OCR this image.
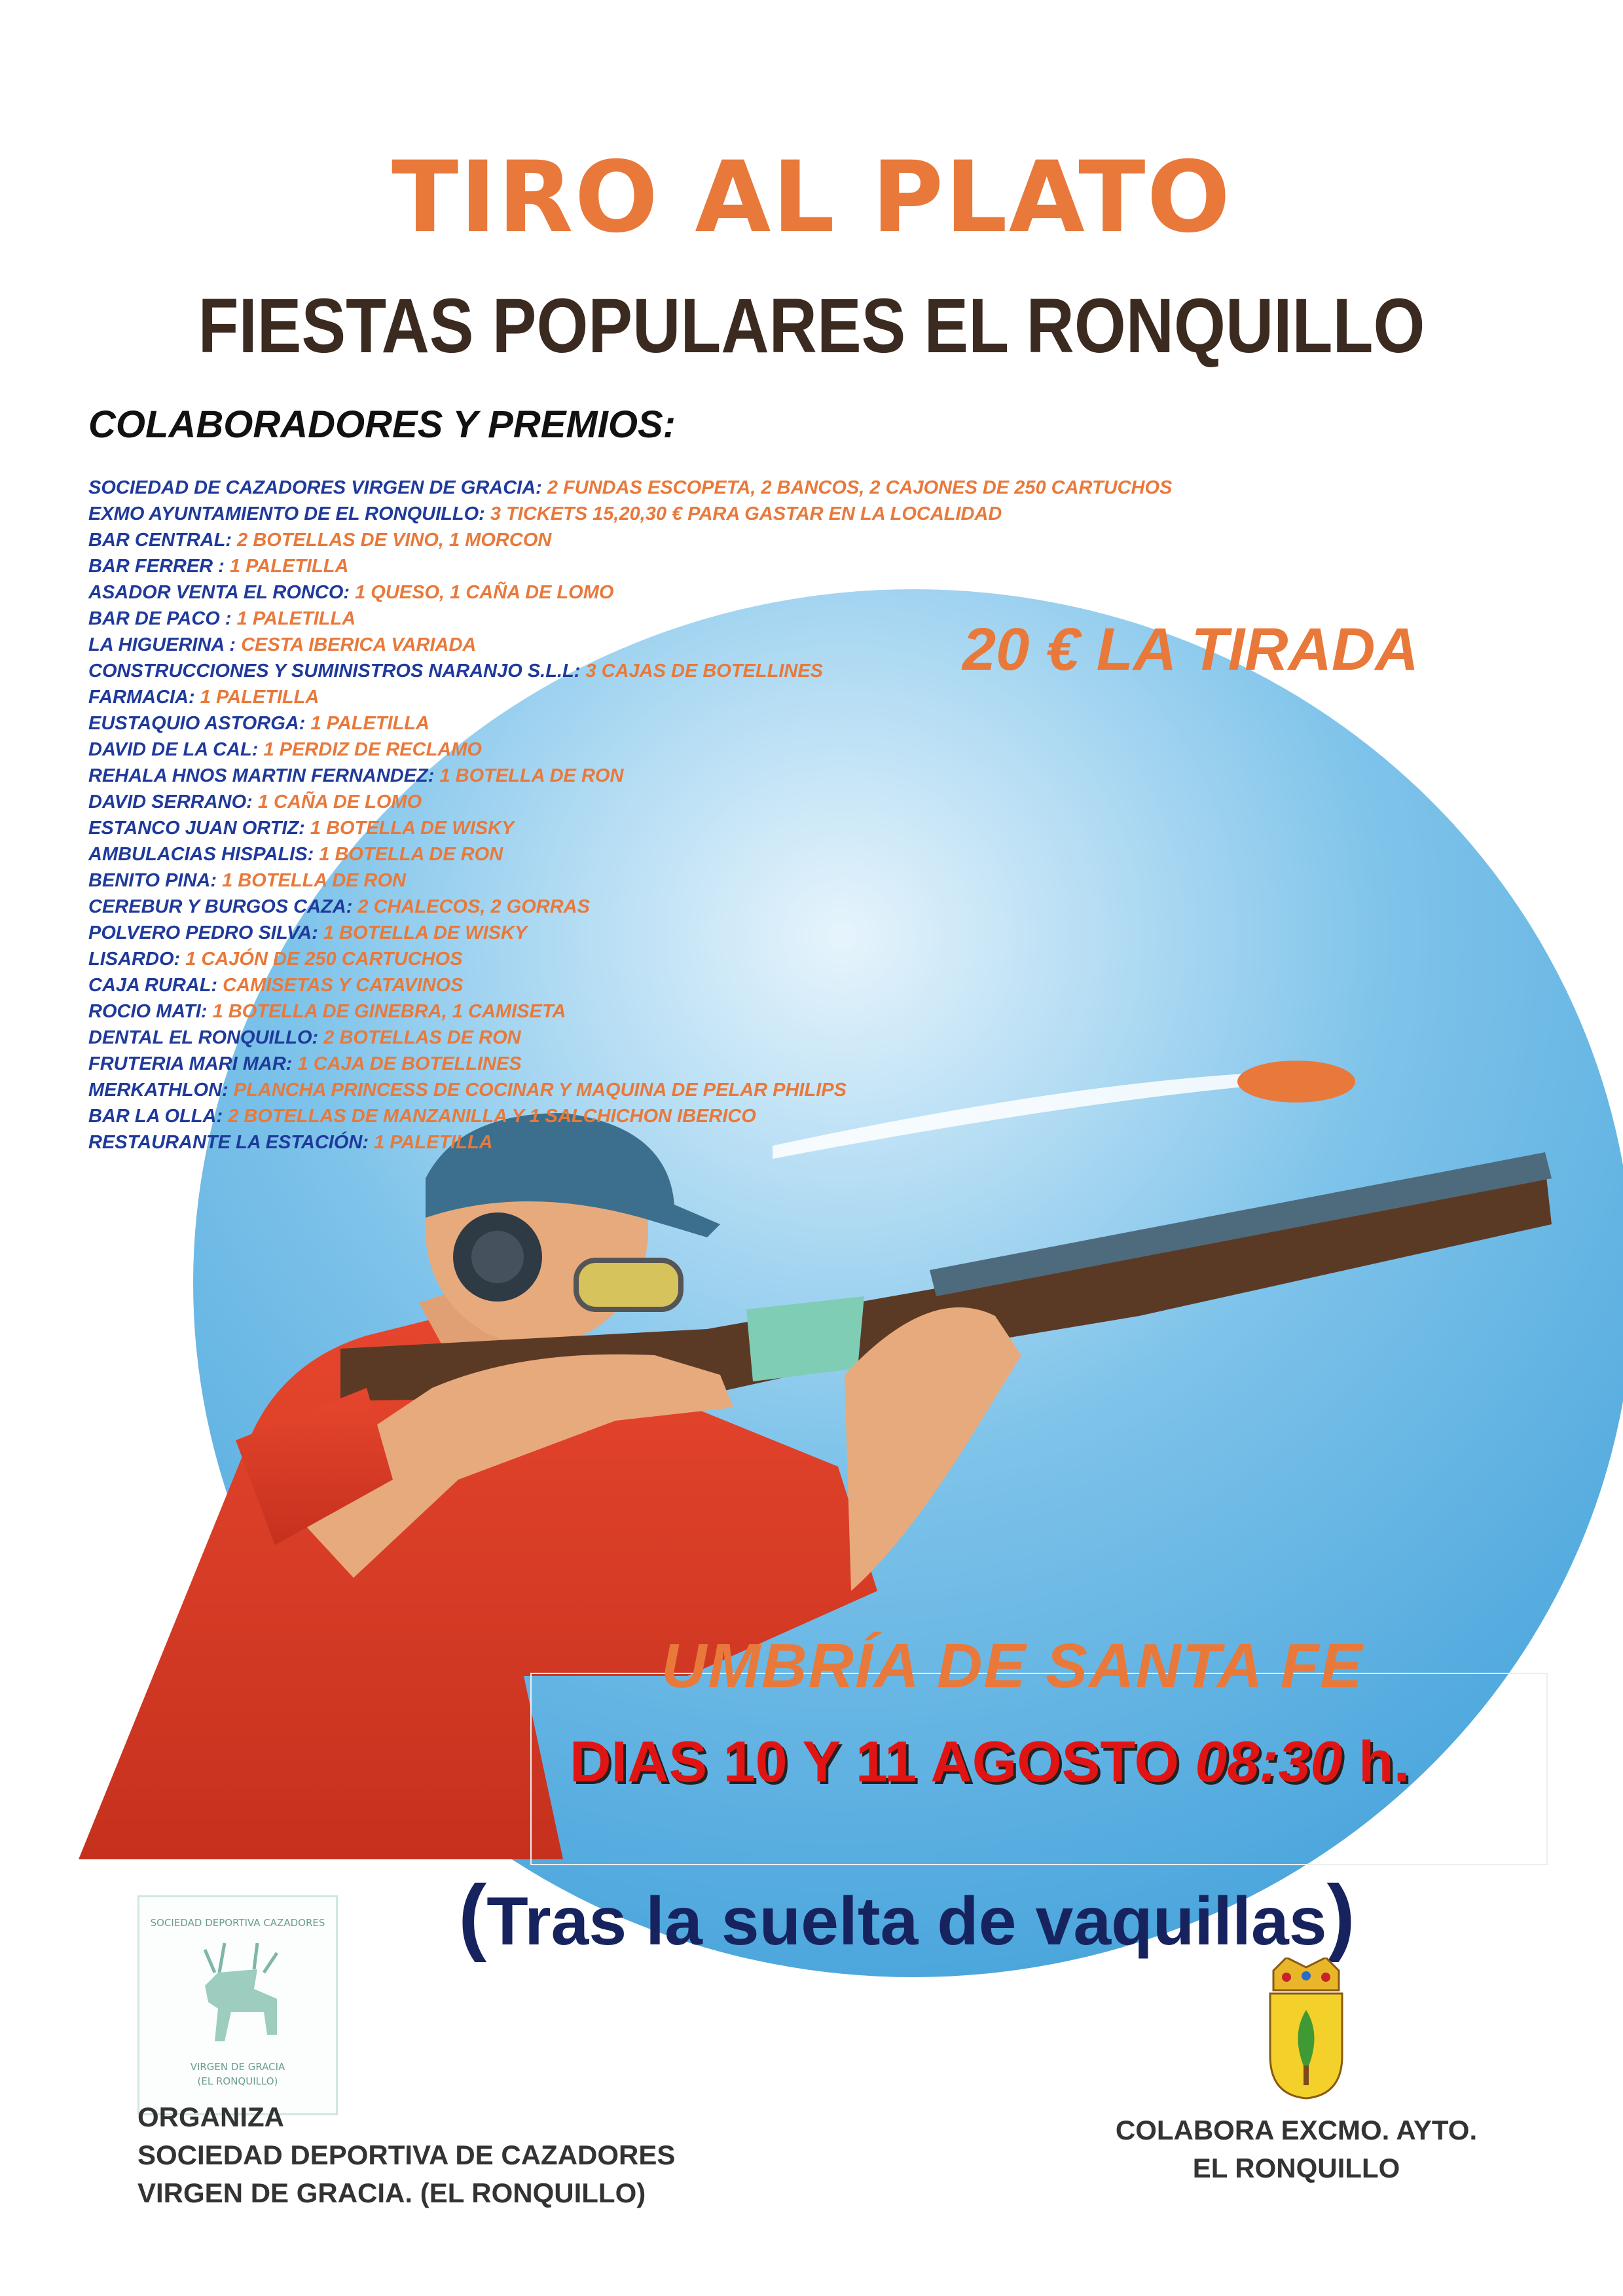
TIRO AL PLATO
FIESTAS POPULARES EL RONQUILLO
COLABORADORES Y PREMIOS:
SOCIEDAD DE CAZADORES VIRGEN DE GRACIA: 2 FUNDAS ESCOPETA, 2 BANCOS, 2 CAJONES DE 250 CARTUCHOS
EXMO AYUNTAMIENTO DE EL RONQUILLO: 3 TICKETS 15,20,30 € PARA GASTAR EN LA LOCALIDAD
BAR CENTRAL: 2 BOTELLAS DE VINO, 1 MORCON
BAR FERRER : 1 PALETILLA
ASADOR VENTA EL RONCO: 1 QUESO, 1 CAÑA DE LOMO
BAR DE PACO : 1 PALETILLA
LA HIGUERINA : CESTA IBERICA VARIADA
CONSTRUCCIONES Y SUMINISTROS NARANJO S.L.L: 3 CAJAS DE BOTELLINES
FARMACIA: 1 PALETILLA
EUSTAQUIO ASTORGA: 1 PALETILLA
DAVID DE LA CAL: 1 PERDIZ DE RECLAMO
REHALA HNOS MARTIN FERNANDEZ: 1 BOTELLA DE RON
DAVID SERRANO: 1 CAÑA DE LOMO
ESTANCO JUAN ORTIZ: 1 BOTELLA DE WISKY
AMBULACIAS HISPALIS: 1 BOTELLA DE RON
BENITO PINA: 1 BOTELLA DE RON
CEREBUR Y BURGOS CAZA: 2 CHALECOS, 2 GORRAS
POLVERO PEDRO SILVA: 1 BOTELLA DE WISKY
LISARDO: 1 CAJÓN DE 250 CARTUCHOS
CAJA RURAL: CAMISETAS Y CATAVINOS
ROCIO MATI: 1 BOTELLA DE GINEBRA, 1 CAMISETA
DENTAL EL RONQUILLO: 2 BOTELLAS DE RON
FRUTERIA MARI MAR: 1 CAJA DE BOTELLINES
MERKATHLON: PLANCHA PRINCESS DE COCINAR Y MAQUINA DE PELAR PHILIPS
BAR LA OLLA: 2 BOTELLAS DE MANZANILLA Y 1 SALCHICHON IBERICO
RESTAURANTE LA ESTACIÓN: 1 PALETILLA
20 € LA TIRADA
UMBRÍA DE SANTA FE
DIAS 10 Y 11 AGOSTO 08:30 h.
(Tras la suelta de vaquillas)
SOCIEDAD DEPORTIVA CAZADORES
VIRGEN DE GRACIA
(EL RONQUILLO)
ORGANIZA
SOCIEDAD DEPORTIVA DE CAZADORES
VIRGEN DE GRACIA. (EL RONQUILLO)
COLABORA EXCMO. AYTO.
EL RONQUILLO
